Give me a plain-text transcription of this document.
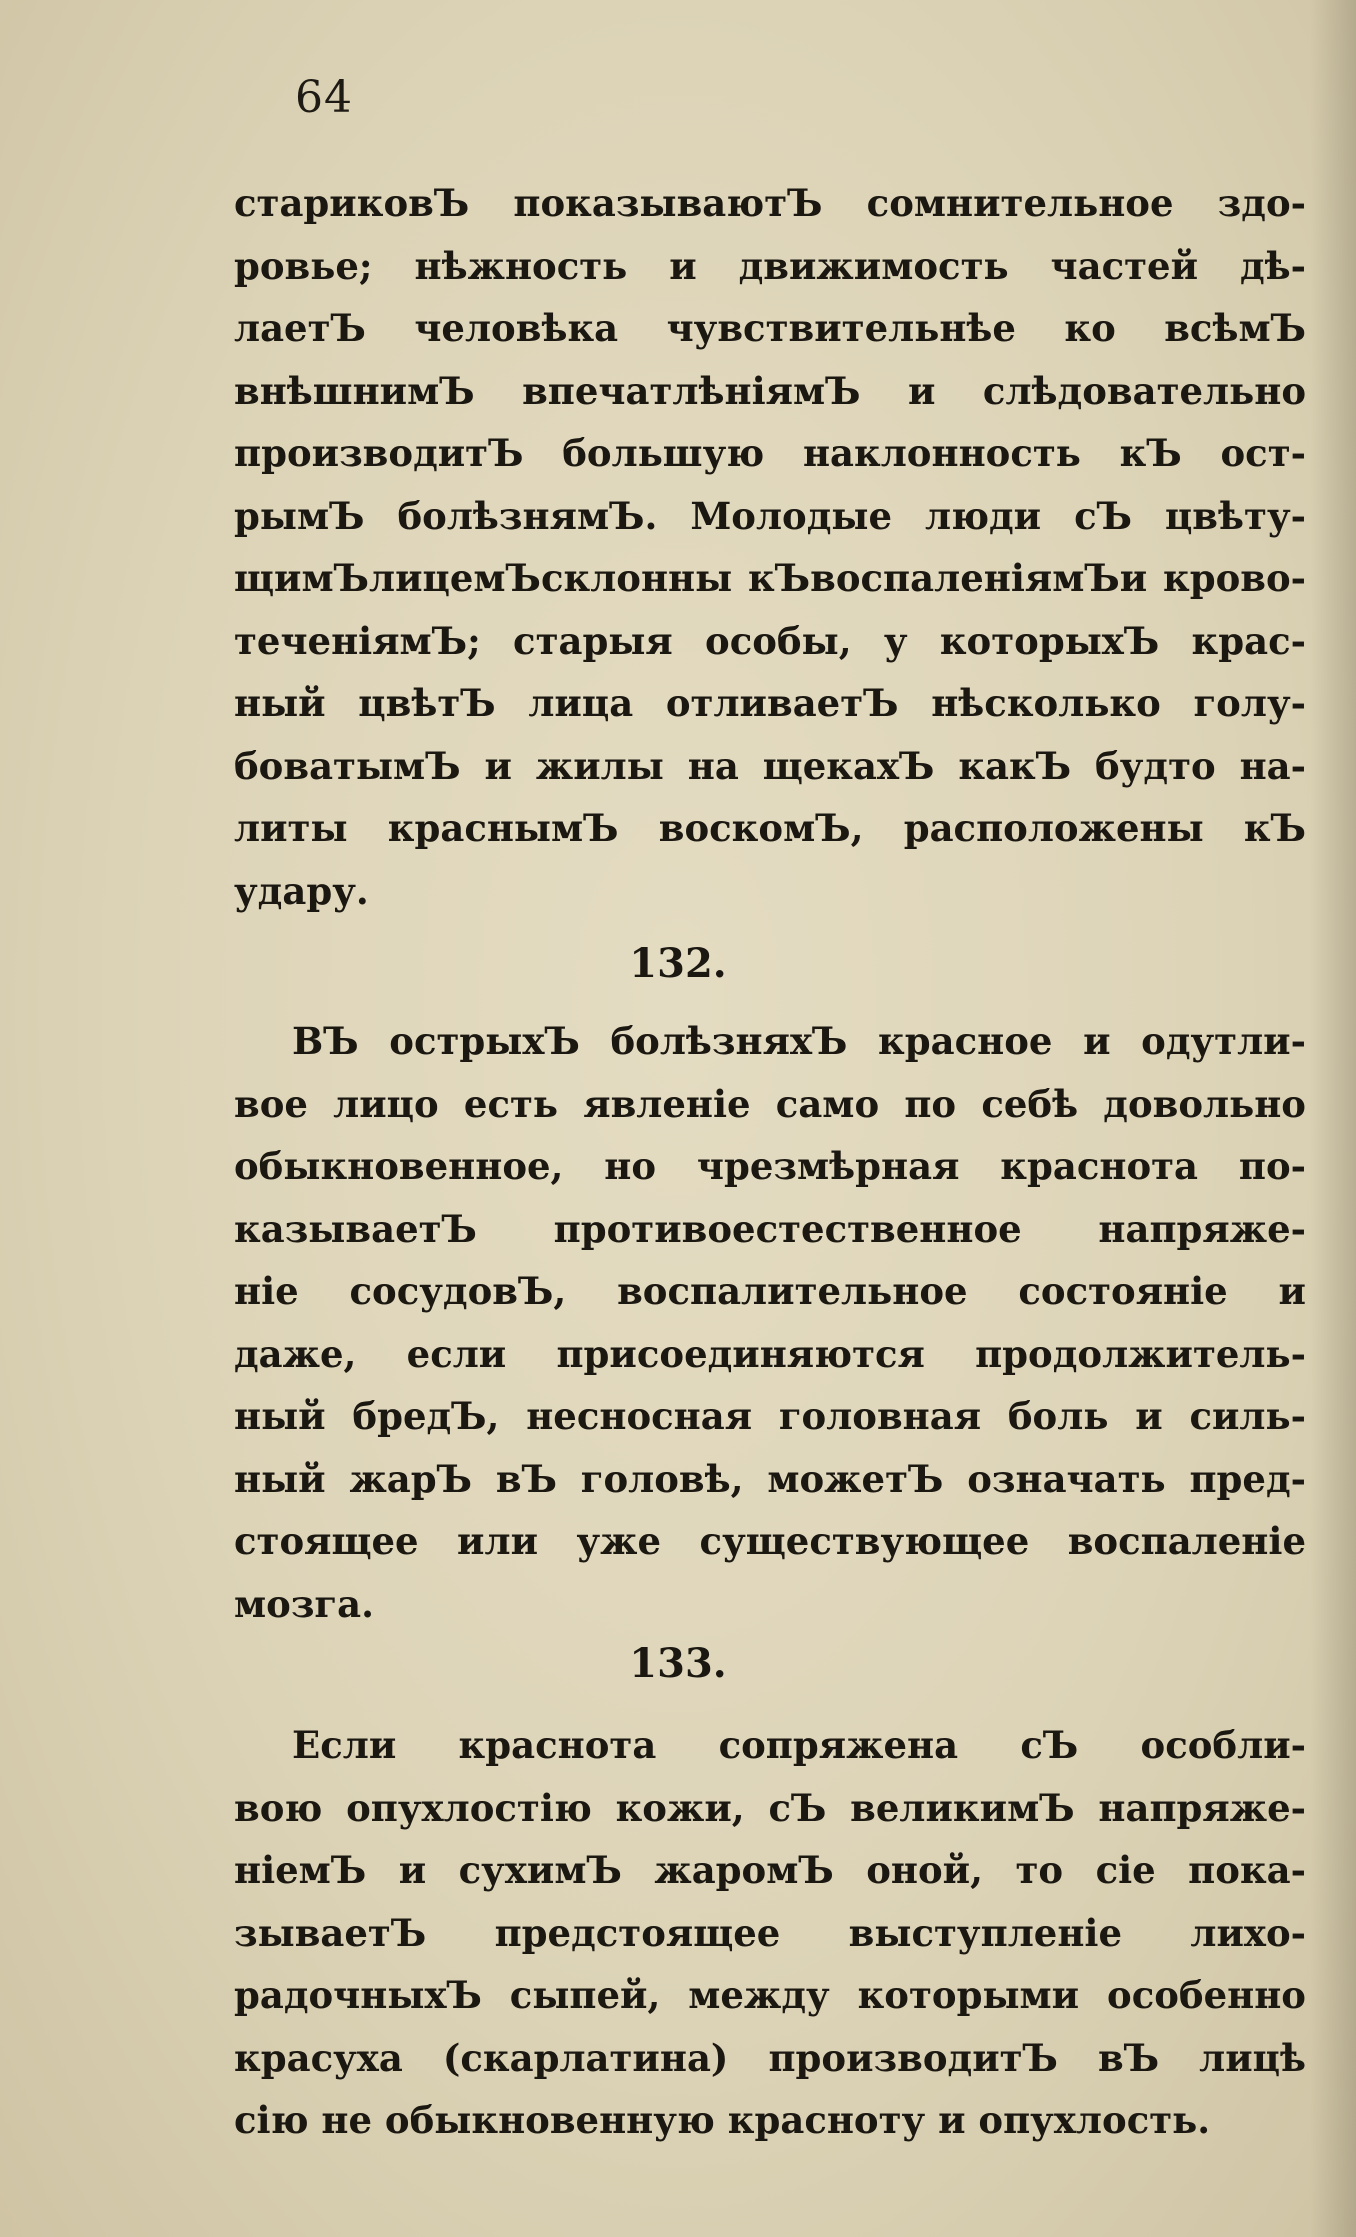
64
стариковЪ показываютЪ сомнительное здо-
ровье; нѣжность и движимость частей дѣ-
лаетЪ человѣка чувствительнѣе ко всѣмЪ
внѣшнимЪ впечатлѣніямЪ и слѣдовательно
производитЪ большую наклонность кЪ ост-
рымЪ болѣзнямЪ. Молодые люди сЪ цвѣту-
щимЪлицемЪсклонны кЪвоспаленіямЪи крово-
теченіямЪ; старыя особы, у которыхЪ крас-
ный цвѣтЪ лица отливаетЪ нѣсколько голу-
боватымЪ и жилы на щекахЪ какЪ будто на-
литы краснымЪ воскомЪ, расположены кЪ
удару.
132.
ВЪ острыхЪ болѣзняхЪ красное и одутли-
вое лицо есть явленіе само по себѣ довольно
обыкновенное, но чрезмѣрная краснота по-
казываетЪ противоестественное напряже-
ніе сосудовЪ, воспалительное состояніе и
даже, если присоединяются продолжитель-
ный бредЪ, несносная головная боль и силь-
ный жарЪ вЪ головѣ, можетЪ означать пред-
стоящее или уже существующее воспаленіе
мозга.
133.
Если краснота сопряжена сЪ особли-
вою опухлостію кожи, сЪ великимЪ напряже-
ніемЪ и сухимЪ жаромЪ оной, то сіе пока-
зываетЪ предстоящее выступленіе лихо-
радочныхЪ сыпей, между которыми особенно
красуха (скарлатина) производитЪ вЪ лицѣ
сію не обыкновенную красноту и опухлость.
